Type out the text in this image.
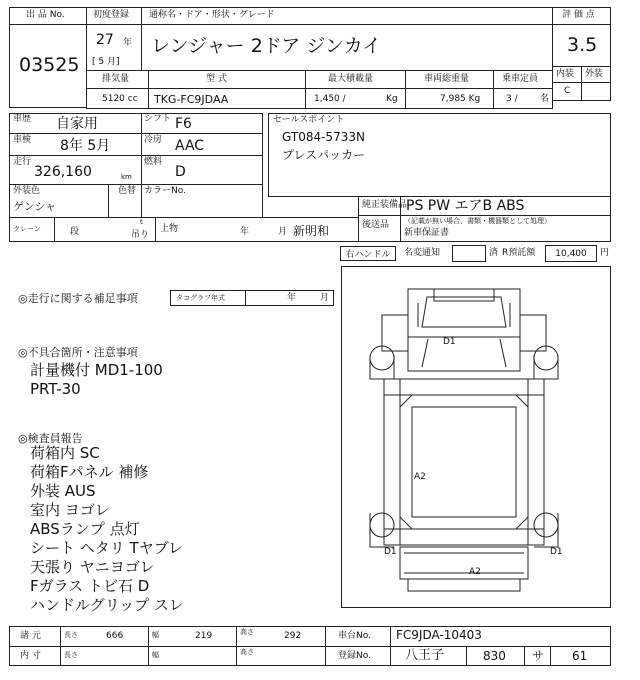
出 品 No.
03525
初度登録 通称名・ドア・形状・グレード
27 年
[ 5 月]
レンジャー 2ドア ジンカイ
評 価 点
3.5
内装 外装
C
排気量	型 式	最大積載量	車両総重量	乗車定員
5120 cc TKG-FC9JDAA	1,450 /	Kg	7,985 Kg	3 / 名
車歴 自家用	シフト F6
車検 8年 5月	冷房 AAC
走行
326,160	km
燃料
D
外装色
ゲンシャ
色替 カラーNo.
セールスポイント
GT084-5733N
プレスパッカー
純正装備品
PS PW エアB ABS
後送品 （記載が無い場合、書類・機器類として処理）
新車保証書
クレーン	段
t
吊り
上物	年	月 新明和
右ハンドル	名変通知	済 R預託額	10,400	円
◎走行に関する補足事項	タコグラフ年式	年	月
◎不具合箇所・注意事項
計量機付 MD1-100
PRT-30
◎検査員報告
荷箱内 SC
荷箱Fパネル 補修
外装 AUS
室内 ヨゴレ
ABSランプ 点灯
シート ヘタリ Tヤブレ
天張り ヤニヨゴレ
Fガラス トビ石 D
ハンドルグリップ スレ
D1
A2
D1	D1
A2
諸 元	長さ	666	幅	219	高さ	292	車台No. FC9JDA-10403
内 寸	長さ	幅	高さ	登録No.	八王子	830 サ 61
